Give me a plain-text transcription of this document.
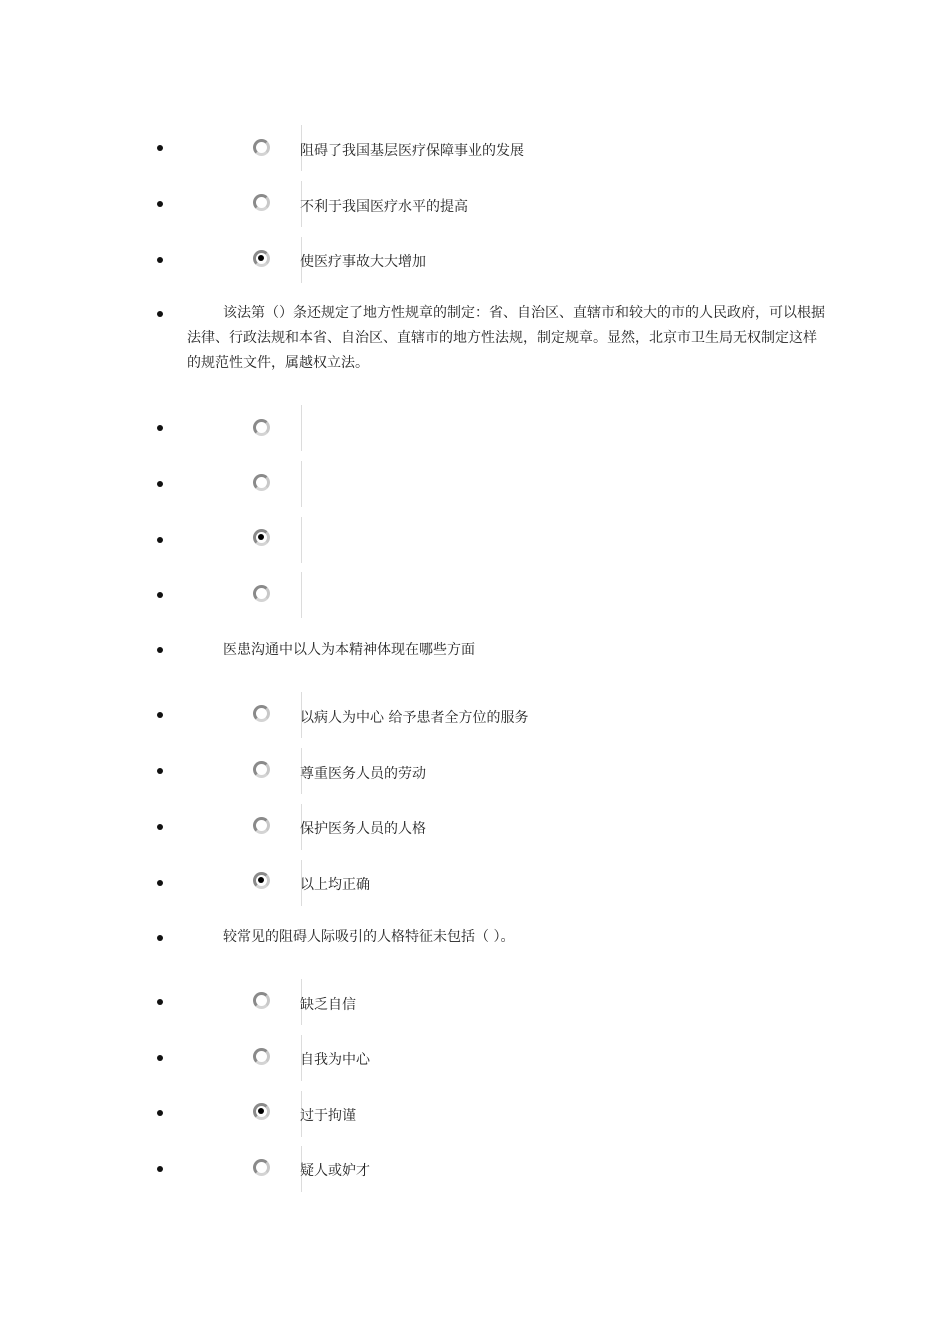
阻碍了我国基层医疗保障事业的发展
不利于我国医疗水平的提高
使医疗事故大大增加
该法第（）条还规定了地方性规章的制定：省、自治区、直辖市和较大的市的人民政府，可以根据法律、行政法规和本省、自治区、直辖市的地方性法规，制定规章。显然，北京市卫生局无权制定这样的规范性文件，属越权立法。
医患沟通中以人为本精神体现在哪些方面
以病人为中心 给予患者全方位的服务
尊重医务人员的劳动
保护医务人员的人格
以上均正确
较常见的阻碍人际吸引的人格特征未包括（ ）。
缺乏自信
自我为中心
过于拘谨
疑人或妒才
